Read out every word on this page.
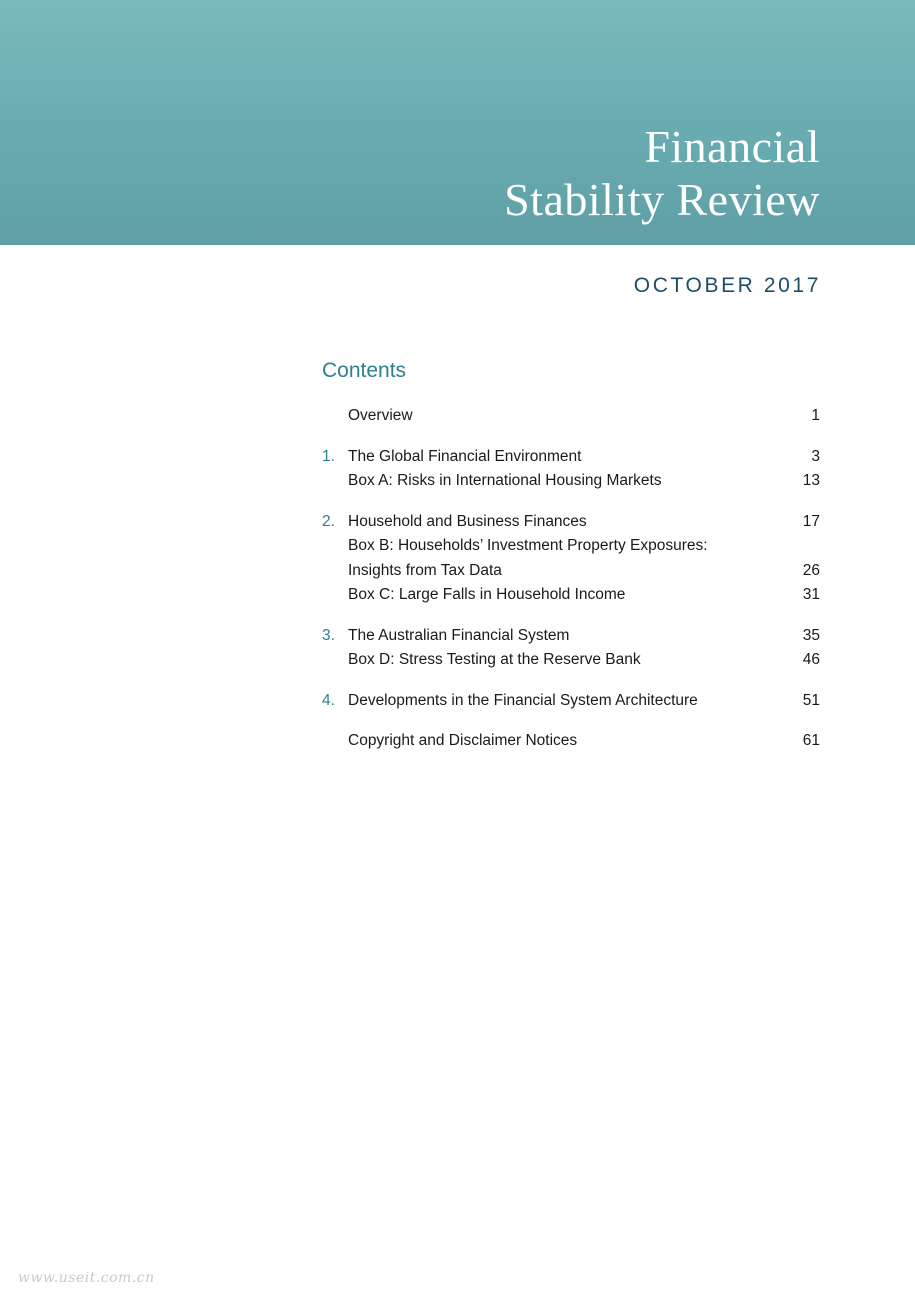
Financial
Stability Review
OCTOBER 2017
Contents
Overview	1
1. The Global Financial Environment	3
Box A: Risks in International Housing Markets	13
2. Household and Business Finances	17
Box B: Households’ Investment Property Exposures:
Insights from Tax Data	26
Box C: Large Falls in Household Income	31
3. The Australian Financial System	35
Box D: Stress Testing at the Reserve Bank	46
4. Developments in the Financial System Architecture	51
Copyright and Disclaimer Notices	61
www.useit.com.cn
